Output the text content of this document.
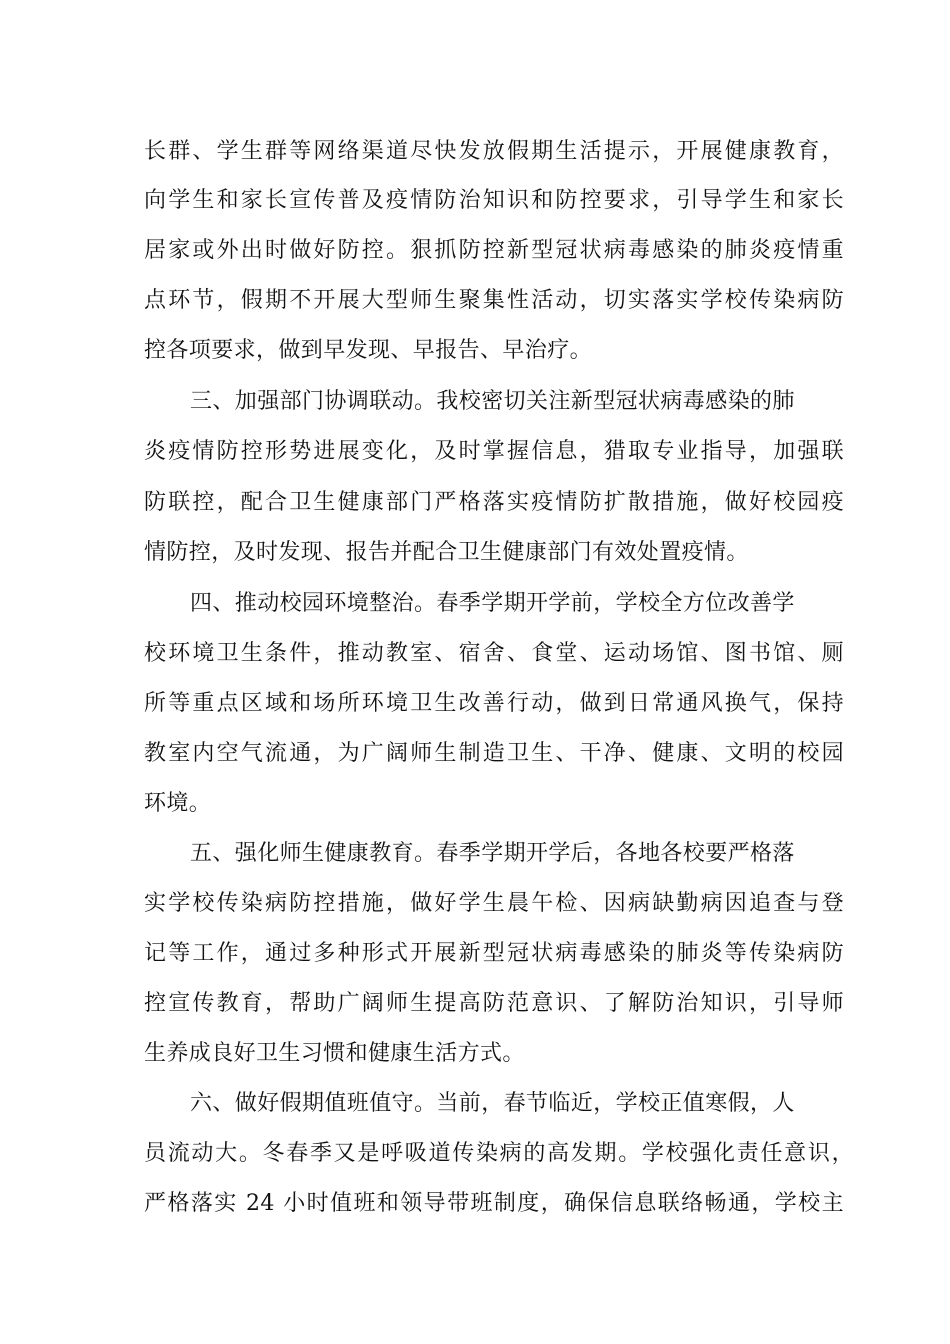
长群、学生群等网络渠道尽快发放假期生活提示，开展健康教育，
向学生和家长宣传普及疫情防治知识和防控要求，引导学生和家长
居家或外出时做好防控。狠抓防控新型冠状病毒感染的肺炎疫情重
点环节，假期不开展大型师生聚集性活动，切实落实学校传染病防
控各项要求，做到早发现、早报告、早治疗。
三、加强部门协调联动。我校密切关注新型冠状病毒感染的肺
炎疫情防控形势进展变化，及时掌握信息，猎取专业指导，加强联
防联控，配合卫生健康部门严格落实疫情防扩散措施，做好校园疫
情防控，及时发现、报告并配合卫生健康部门有效处置疫情。
四、推动校园环境整治。春季学期开学前，学校全方位改善学
校环境卫生条件，推动教室、宿舍、食堂、运动场馆、图书馆、厕
所等重点区域和场所环境卫生改善行动，做到日常通风换气，保持
教室内空气流通，为广阔师生制造卫生、干净、健康、文明的校园
环境。
五、强化师生健康教育。春季学期开学后，各地各校要严格落
实学校传染病防控措施，做好学生晨午检、因病缺勤病因追查与登
记等工作，通过多种形式开展新型冠状病毒感染的肺炎等传染病防
控宣传教育，帮助广阔师生提高防范意识、了解防治知识，引导师
生养成良好卫生习惯和健康生活方式。
六、做好假期值班值守。当前，春节临近，学校正值寒假，人
员流动大。冬春季又是呼吸道传染病的高发期。学校强化责任意识，
严格落实 24 小时值班和领导带班制度，确保信息联络畅通，学校主
